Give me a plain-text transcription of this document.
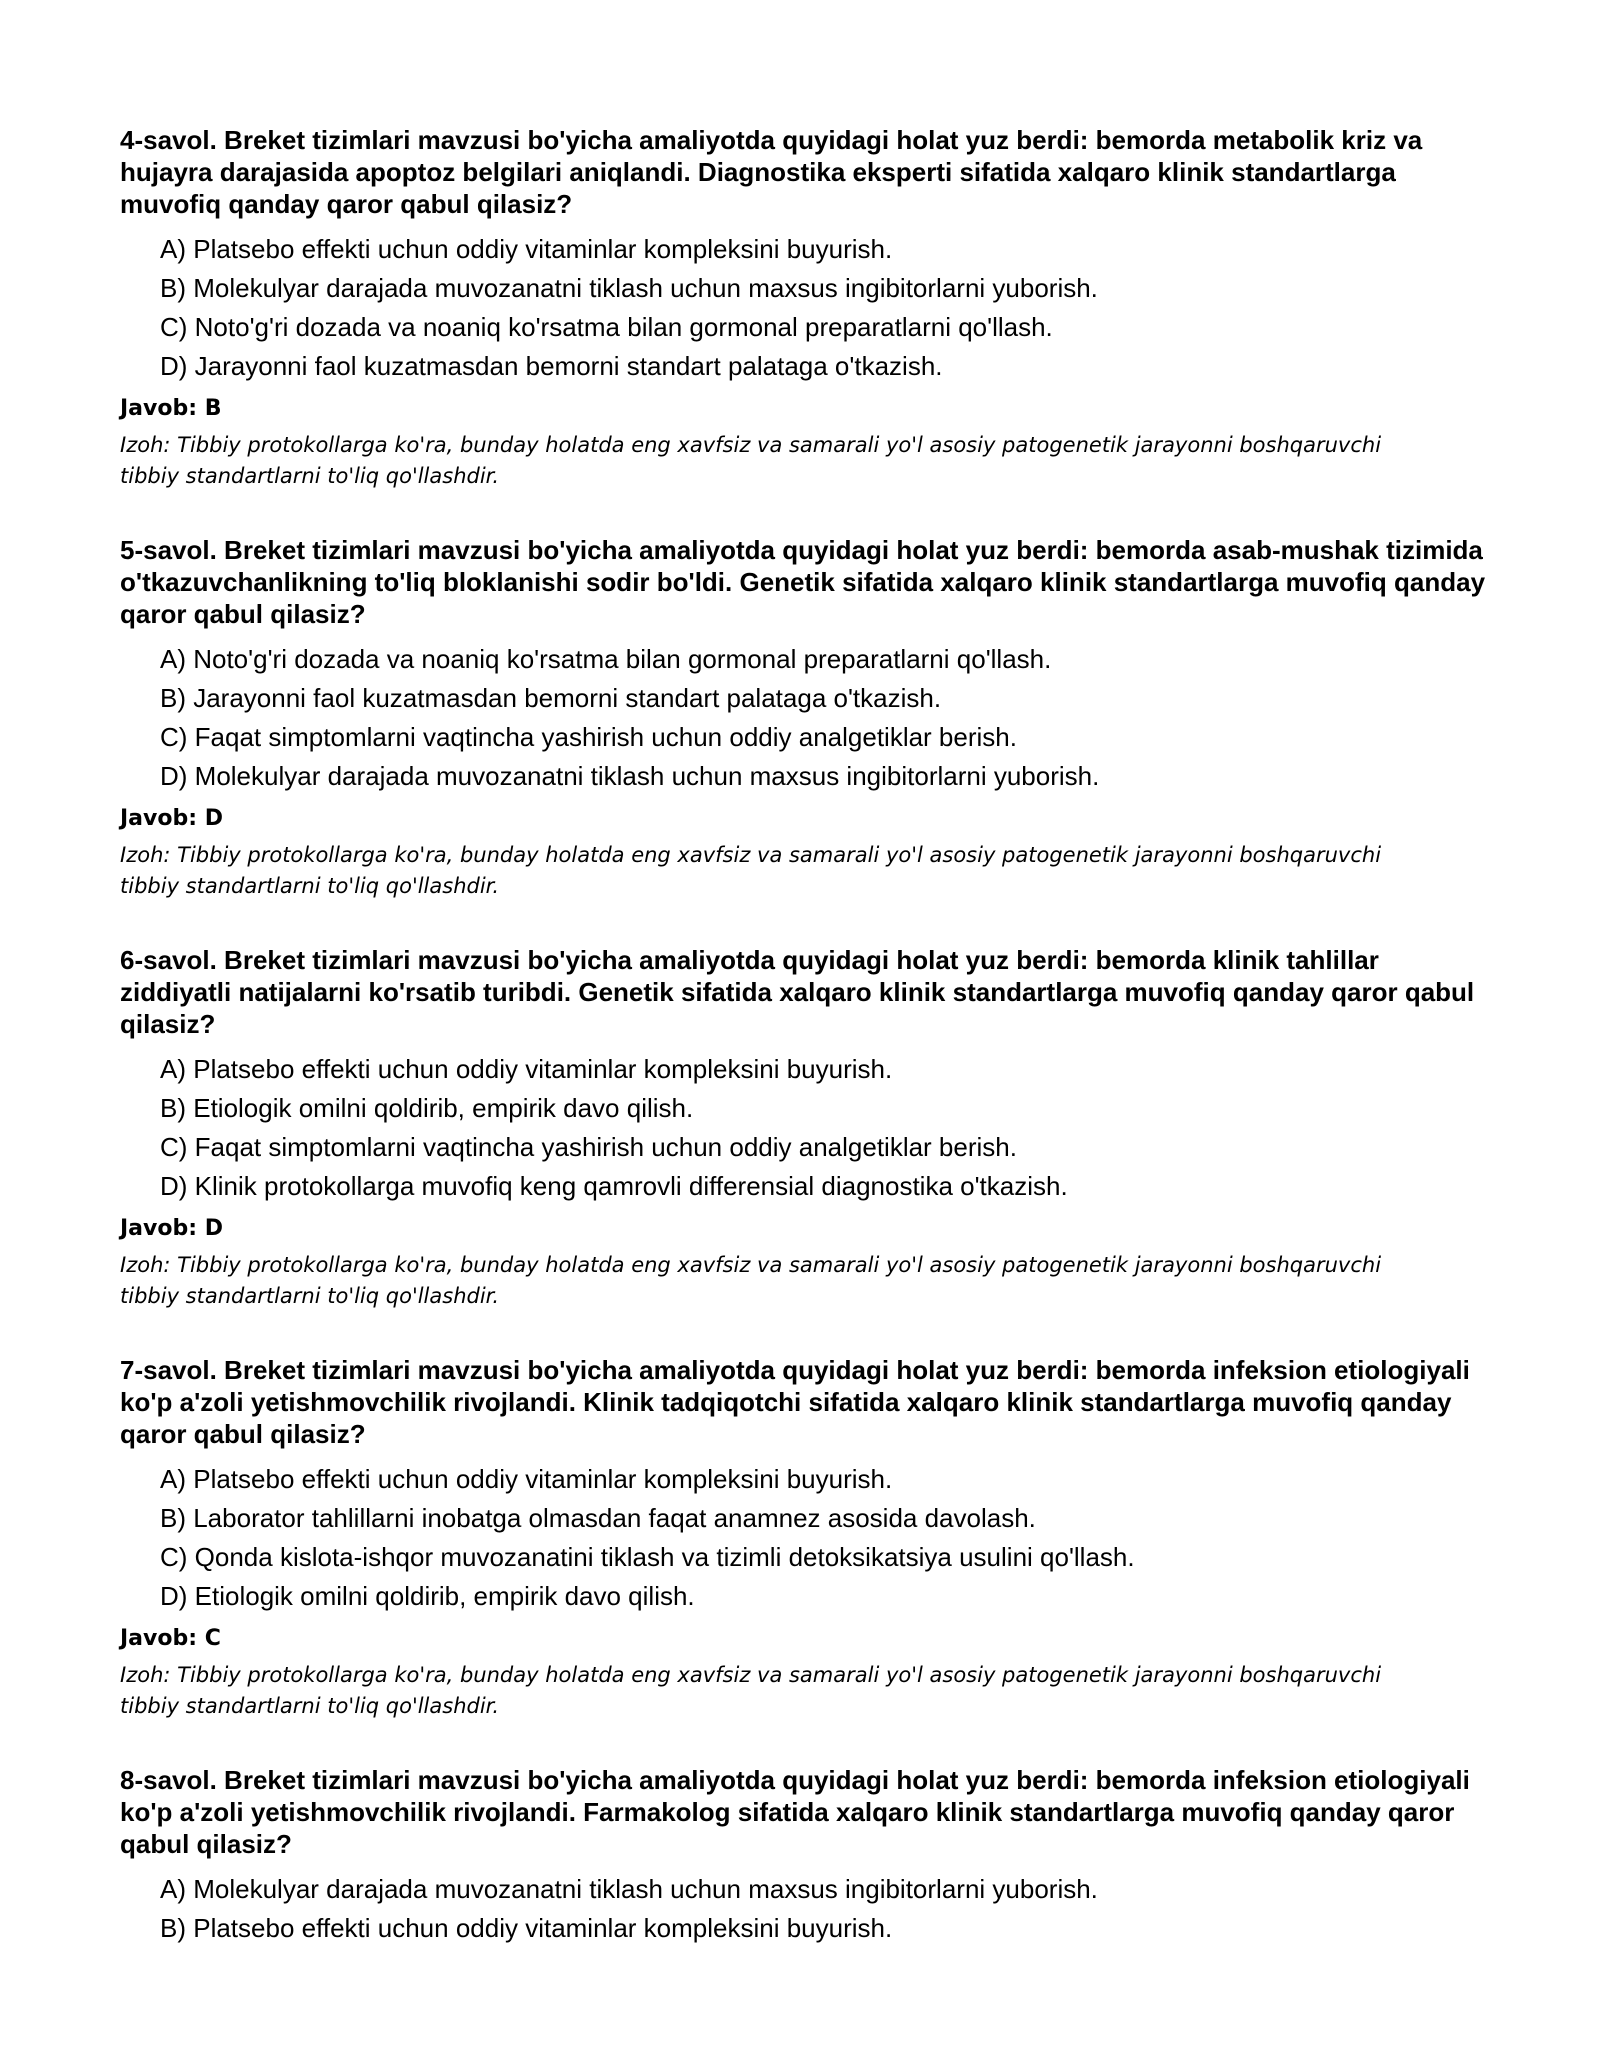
4-savol. Breket tizimlari mavzusi bo'yicha amaliyotda quyidagi holat yuz berdi: bemorda metabolik kriz va hujayra darajasida apoptoz belgilari aniqlandi. Diagnostika eksperti sifatida xalqaro klinik standartlarga muvofiq qanday qaror qabul qilasiz?
A) Platsebo effekti uchun oddiy vitaminlar kompleksini buyurish.
B) Molekulyar darajada muvozanatni tiklash uchun maxsus ingibitorlarni yuborish.
C) Noto'g'ri dozada va noaniq ko'rsatma bilan gormonal preparatlarni qo'llash.
D) Jarayonni faol kuzatmasdan bemorni standart palataga o'tkazish.
Javob: B
Izoh: Tibbiy protokollarga ko'ra, bunday holatda eng xavfsiz va samarali yo'l asosiy patogenetik jarayonni boshqaruvchi tibbiy standartlarni to'liq qo'llashdir.
5-savol. Breket tizimlari mavzusi bo'yicha amaliyotda quyidagi holat yuz berdi: bemorda asab-mushak tizimida o'tkazuvchanlikning to'liq bloklanishi sodir bo'ldi. Genetik sifatida xalqaro klinik standartlarga muvofiq qanday qaror qabul qilasiz?
A) Noto'g'ri dozada va noaniq ko'rsatma bilan gormonal preparatlarni qo'llash.
B) Jarayonni faol kuzatmasdan bemorni standart palataga o'tkazish.
C) Faqat simptomlarni vaqtincha yashirish uchun oddiy analgetiklar berish.
D) Molekulyar darajada muvozanatni tiklash uchun maxsus ingibitorlarni yuborish.
Javob: D
Izoh: Tibbiy protokollarga ko'ra, bunday holatda eng xavfsiz va samarali yo'l asosiy patogenetik jarayonni boshqaruvchi tibbiy standartlarni to'liq qo'llashdir.
6-savol. Breket tizimlari mavzusi bo'yicha amaliyotda quyidagi holat yuz berdi: bemorda klinik tahlillar ziddiyatli natijalarni ko'rsatib turibdi. Genetik sifatida xalqaro klinik standartlarga muvofiq qanday qaror qabul qilasiz?
A) Platsebo effekti uchun oddiy vitaminlar kompleksini buyurish.
B) Etiologik omilni qoldirib, empirik davo qilish.
C) Faqat simptomlarni vaqtincha yashirish uchun oddiy analgetiklar berish.
D) Klinik protokollarga muvofiq keng qamrovli differensial diagnostika o'tkazish.
Javob: D
Izoh: Tibbiy protokollarga ko'ra, bunday holatda eng xavfsiz va samarali yo'l asosiy patogenetik jarayonni boshqaruvchi tibbiy standartlarni to'liq qo'llashdir.
7-savol. Breket tizimlari mavzusi bo'yicha amaliyotda quyidagi holat yuz berdi: bemorda infeksion etiologiyali ko'p a'zoli yetishmovchilik rivojlandi. Klinik tadqiqotchi sifatida xalqaro klinik standartlarga muvofiq qanday qaror qabul qilasiz?
A) Platsebo effekti uchun oddiy vitaminlar kompleksini buyurish.
B) Laborator tahlillarni inobatga olmasdan faqat anamnez asosida davolash.
C) Qonda kislota-ishqor muvozanatini tiklash va tizimli detoksikatsiya usulini qo'llash.
D) Etiologik omilni qoldirib, empirik davo qilish.
Javob: C
Izoh: Tibbiy protokollarga ko'ra, bunday holatda eng xavfsiz va samarali yo'l asosiy patogenetik jarayonni boshqaruvchi tibbiy standartlarni to'liq qo'llashdir.
8-savol. Breket tizimlari mavzusi bo'yicha amaliyotda quyidagi holat yuz berdi: bemorda infeksion etiologiyali ko'p a'zoli yetishmovchilik rivojlandi. Farmakolog sifatida xalqaro klinik standartlarga muvofiq qanday qaror qabul qilasiz?
A) Molekulyar darajada muvozanatni tiklash uchun maxsus ingibitorlarni yuborish.
B) Platsebo effekti uchun oddiy vitaminlar kompleksini buyurish.
